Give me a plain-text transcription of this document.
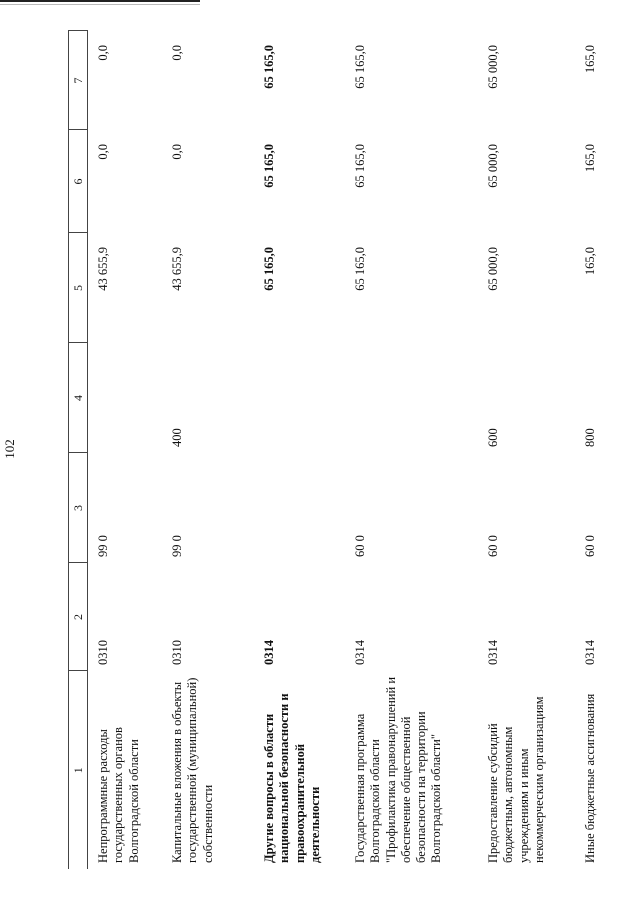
102
1	2	3	4	5	6	7
Непрограммные расходы государственных органов Волгоградской области	0310	99 0		43 655,9	0,0	0,0
Капитальные вложения в объекты государственной (муниципальной) собственности	0310	99 0	400	43 655,9	0,0	0,0
Другие вопросы в области национальной безопасности и правоохранительной деятельности	0314			65 165,0	65 165,0	65 165,0
Государственная программа Волгоградской области "Профилактика правонарушений и обеспечение общественной безопасности на территории Волгоградской области"	0314	60 0		65 165,0	65 165,0	65 165,0
Предоставление субсидий бюджетным, автономным учреждениям и иным некоммерческим организациям	0314	60 0	600	65 000,0	65 000,0	65 000,0
Иные бюджетные ассигнования	0314	60 0	800	165,0	165,0	165,0
